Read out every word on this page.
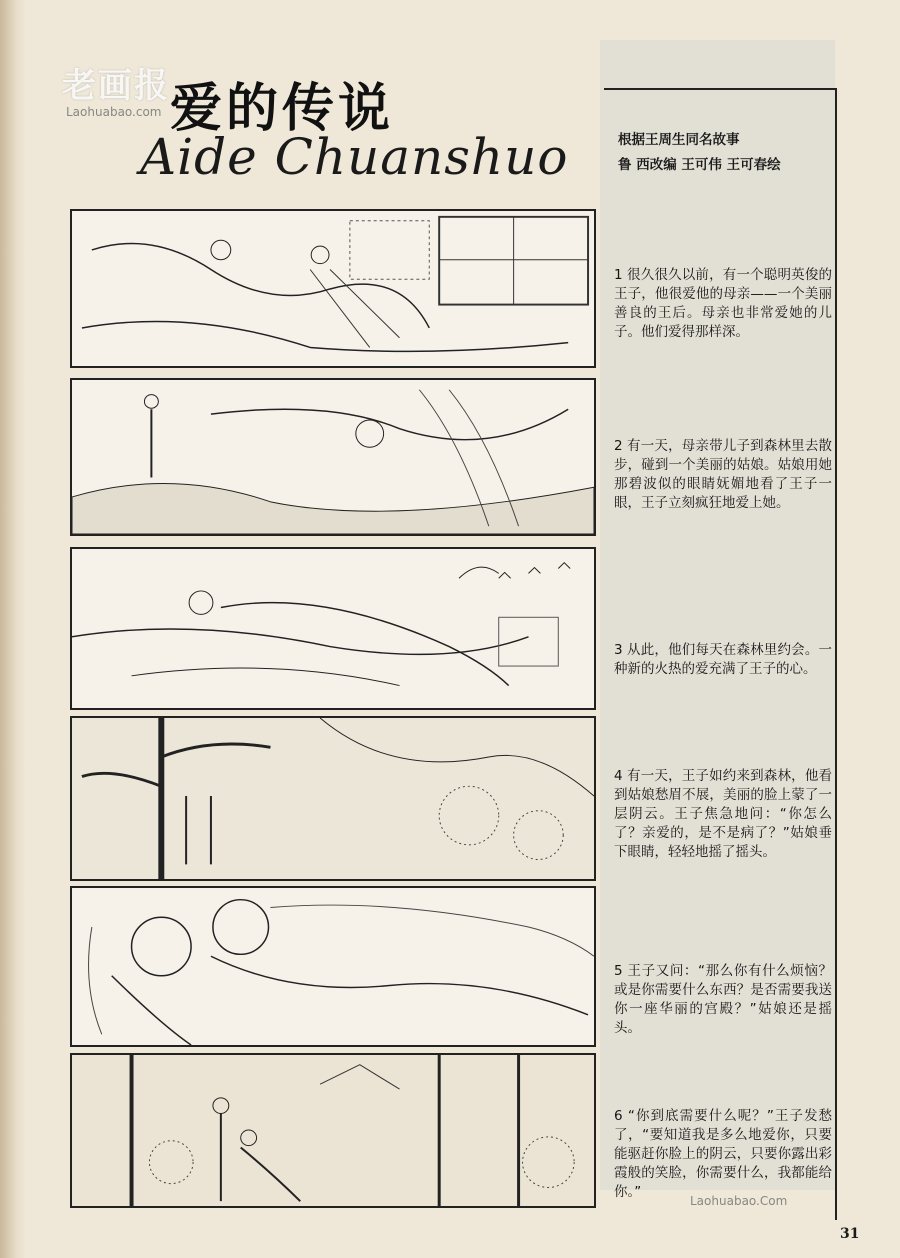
老画报
Laohuabao.com 爱的传说
Aide Chuanshuo	根据王周生同名故事
鲁 西改编 王可伟 王可春绘
1 很久很久以前，有一个聪明英俊的王子，他很爱他的母亲——一个美丽善良的王后。母亲也非常爱她的儿子。他们爱得那样深。
2 有一天，母亲带儿子到森林里去散步，碰到一个美丽的姑娘。姑娘用她那碧波似的眼睛妩媚地看了王子一眼，王子立刻疯狂地爱上她。
3 从此，他们每天在森林里约会。一种新的火热的爱充满了王子的心。
4 有一天，王子如约来到森林，他看到姑娘愁眉不展，美丽的脸上蒙了一层阴云。王子焦急地问：“你怎么了？亲爱的，是不是病了？”姑娘垂下眼睛，轻轻地摇了摇头。
5 王子又问：“那么你有什么烦恼？或是你需要什么东西？是否需要我送你一座华丽的宫殿？”姑娘还是摇头。
6 “你到底需要什么呢？”王子发愁了，“要知道我是多么地爱你，只要能驱赶你脸上的阴云，只要你露出彩霞般的笑脸，你需要什么，我都能给你。”
Laohuabao.Com
31
